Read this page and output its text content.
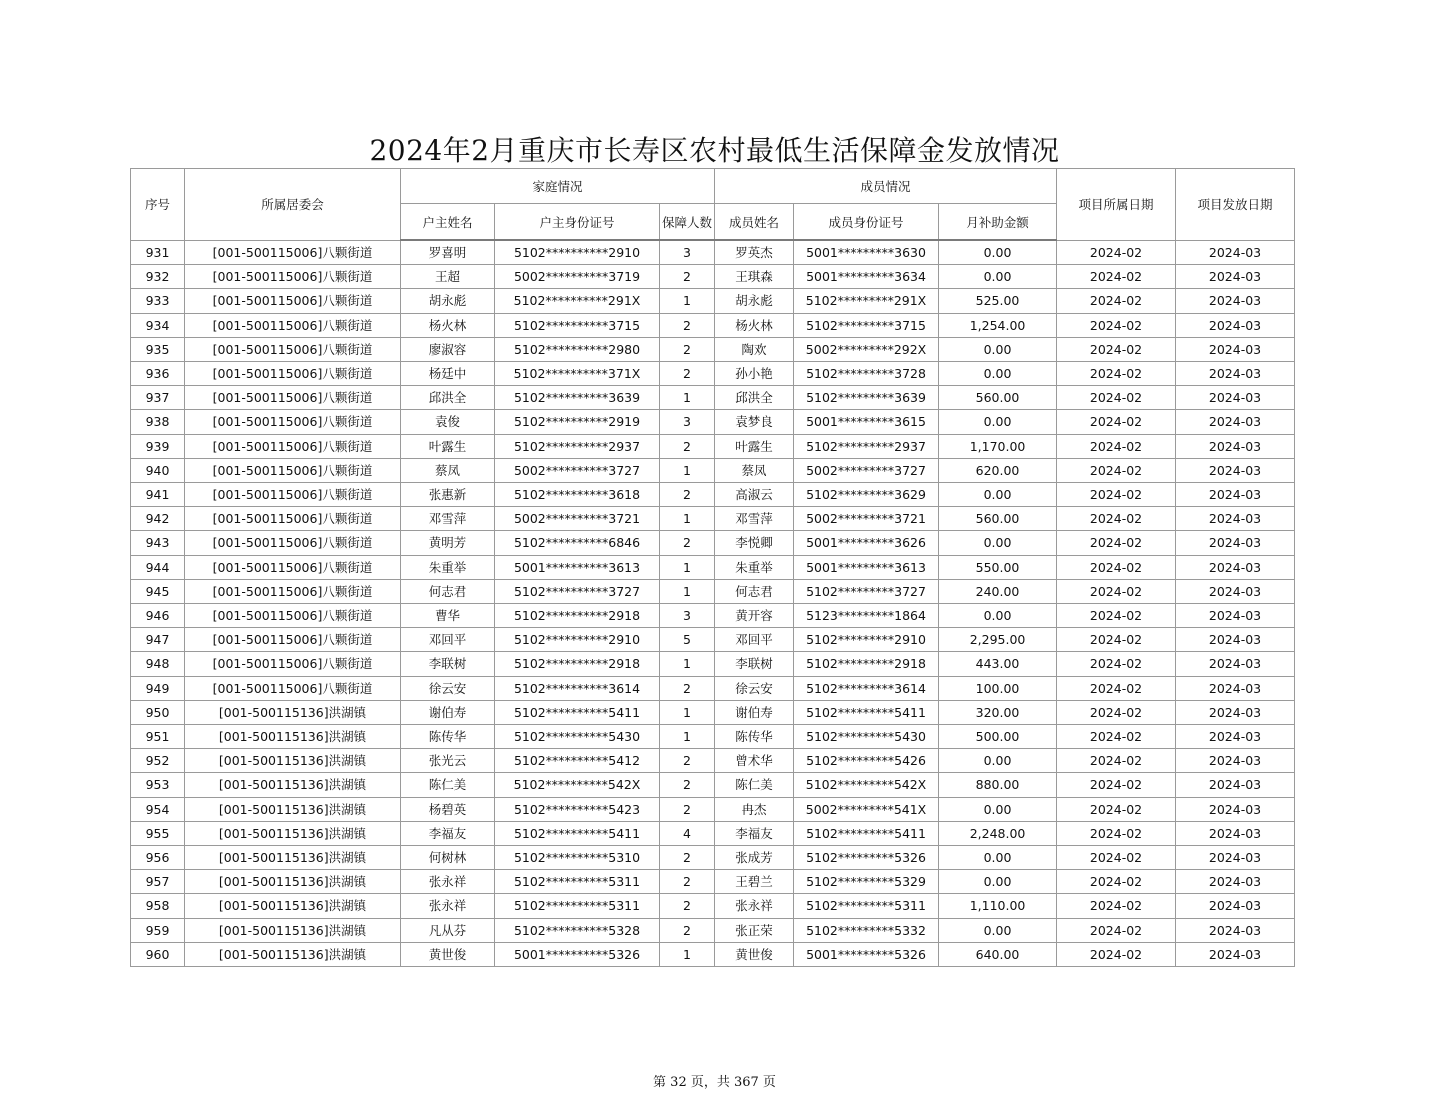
2024年2月重庆市长寿区农村最低生活保障金发放情况
序号	所属居委会	家庭情况			成员情况			项目所属日期	项目发放日期
		户主姓名	户主身份证号	保障人数	成员姓名	成员身份证号	月补助金额		
931	[001-500115006]八颗街道	罗喜明	5102**********2910	3	罗英杰	5001*********3630	0.00	2024-02	2024-03
932	[001-500115006]八颗街道	王超	5002**********3719	2	王琪森	5001*********3634	0.00	2024-02	2024-03
933	[001-500115006]八颗街道	胡永彪	5102**********291X	1	胡永彪	5102*********291X	525.00	2024-02	2024-03
934	[001-500115006]八颗街道	杨火林	5102**********3715	2	杨火林	5102*********3715	1,254.00	2024-02	2024-03
935	[001-500115006]八颗街道	廖淑容	5102**********2980	2	陶欢	5002*********292X	0.00	2024-02	2024-03
936	[001-500115006]八颗街道	杨廷中	5102**********371X	2	孙小艳	5102*********3728	0.00	2024-02	2024-03
937	[001-500115006]八颗街道	邱洪全	5102**********3639	1	邱洪全	5102*********3639	560.00	2024-02	2024-03
938	[001-500115006]八颗街道	袁俊	5102**********2919	3	袁梦良	5001*********3615	0.00	2024-02	2024-03
939	[001-500115006]八颗街道	叶露生	5102**********2937	2	叶露生	5102*********2937	1,170.00	2024-02	2024-03
940	[001-500115006]八颗街道	蔡凤	5002**********3727	1	蔡凤	5002*********3727	620.00	2024-02	2024-03
941	[001-500115006]八颗街道	张惠新	5102**********3618	2	高淑云	5102*********3629	0.00	2024-02	2024-03
942	[001-500115006]八颗街道	邓雪萍	5002**********3721	1	邓雪萍	5002*********3721	560.00	2024-02	2024-03
943	[001-500115006]八颗街道	黄明芳	5102**********6846	2	李悦卿	5001*********3626	0.00	2024-02	2024-03
944	[001-500115006]八颗街道	朱重举	5001**********3613	1	朱重举	5001*********3613	550.00	2024-02	2024-03
945	[001-500115006]八颗街道	何志君	5102**********3727	1	何志君	5102*********3727	240.00	2024-02	2024-03
946	[001-500115006]八颗街道	曹华	5102**********2918	3	黄开容	5123*********1864	0.00	2024-02	2024-03
947	[001-500115006]八颗街道	邓回平	5102**********2910	5	邓回平	5102*********2910	2,295.00	2024-02	2024-03
948	[001-500115006]八颗街道	李联树	5102**********2918	1	李联树	5102*********2918	443.00	2024-02	2024-03
949	[001-500115006]八颗街道	徐云安	5102**********3614	2	徐云安	5102*********3614	100.00	2024-02	2024-03
950	[001-500115136]洪湖镇	谢伯寿	5102**********5411	1	谢伯寿	5102*********5411	320.00	2024-02	2024-03
951	[001-500115136]洪湖镇	陈传华	5102**********5430	1	陈传华	5102*********5430	500.00	2024-02	2024-03
952	[001-500115136]洪湖镇	张光云	5102**********5412	2	曾术华	5102*********5426	0.00	2024-02	2024-03
953	[001-500115136]洪湖镇	陈仁美	5102**********542X	2	陈仁美	5102*********542X	880.00	2024-02	2024-03
954	[001-500115136]洪湖镇	杨碧英	5102**********5423	2	冉杰	5002*********541X	0.00	2024-02	2024-03
955	[001-500115136]洪湖镇	李福友	5102**********5411	4	李福友	5102*********5411	2,248.00	2024-02	2024-03
956	[001-500115136]洪湖镇	何树林	5102**********5310	2	张成芳	5102*********5326	0.00	2024-02	2024-03
957	[001-500115136]洪湖镇	张永祥	5102**********5311	2	王碧兰	5102*********5329	0.00	2024-02	2024-03
958	[001-500115136]洪湖镇	张永祥	5102**********5311	2	张永祥	5102*********5311	1,110.00	2024-02	2024-03
959	[001-500115136]洪湖镇	凡从芬	5102**********5328	2	张正荣	5102*********5332	0.00	2024-02	2024-03
960	[001-500115136]洪湖镇	黄世俊	5001**********5326	1	黄世俊	5001*********5326	640.00	2024-02	2024-03
第 32 页，共 367 页
